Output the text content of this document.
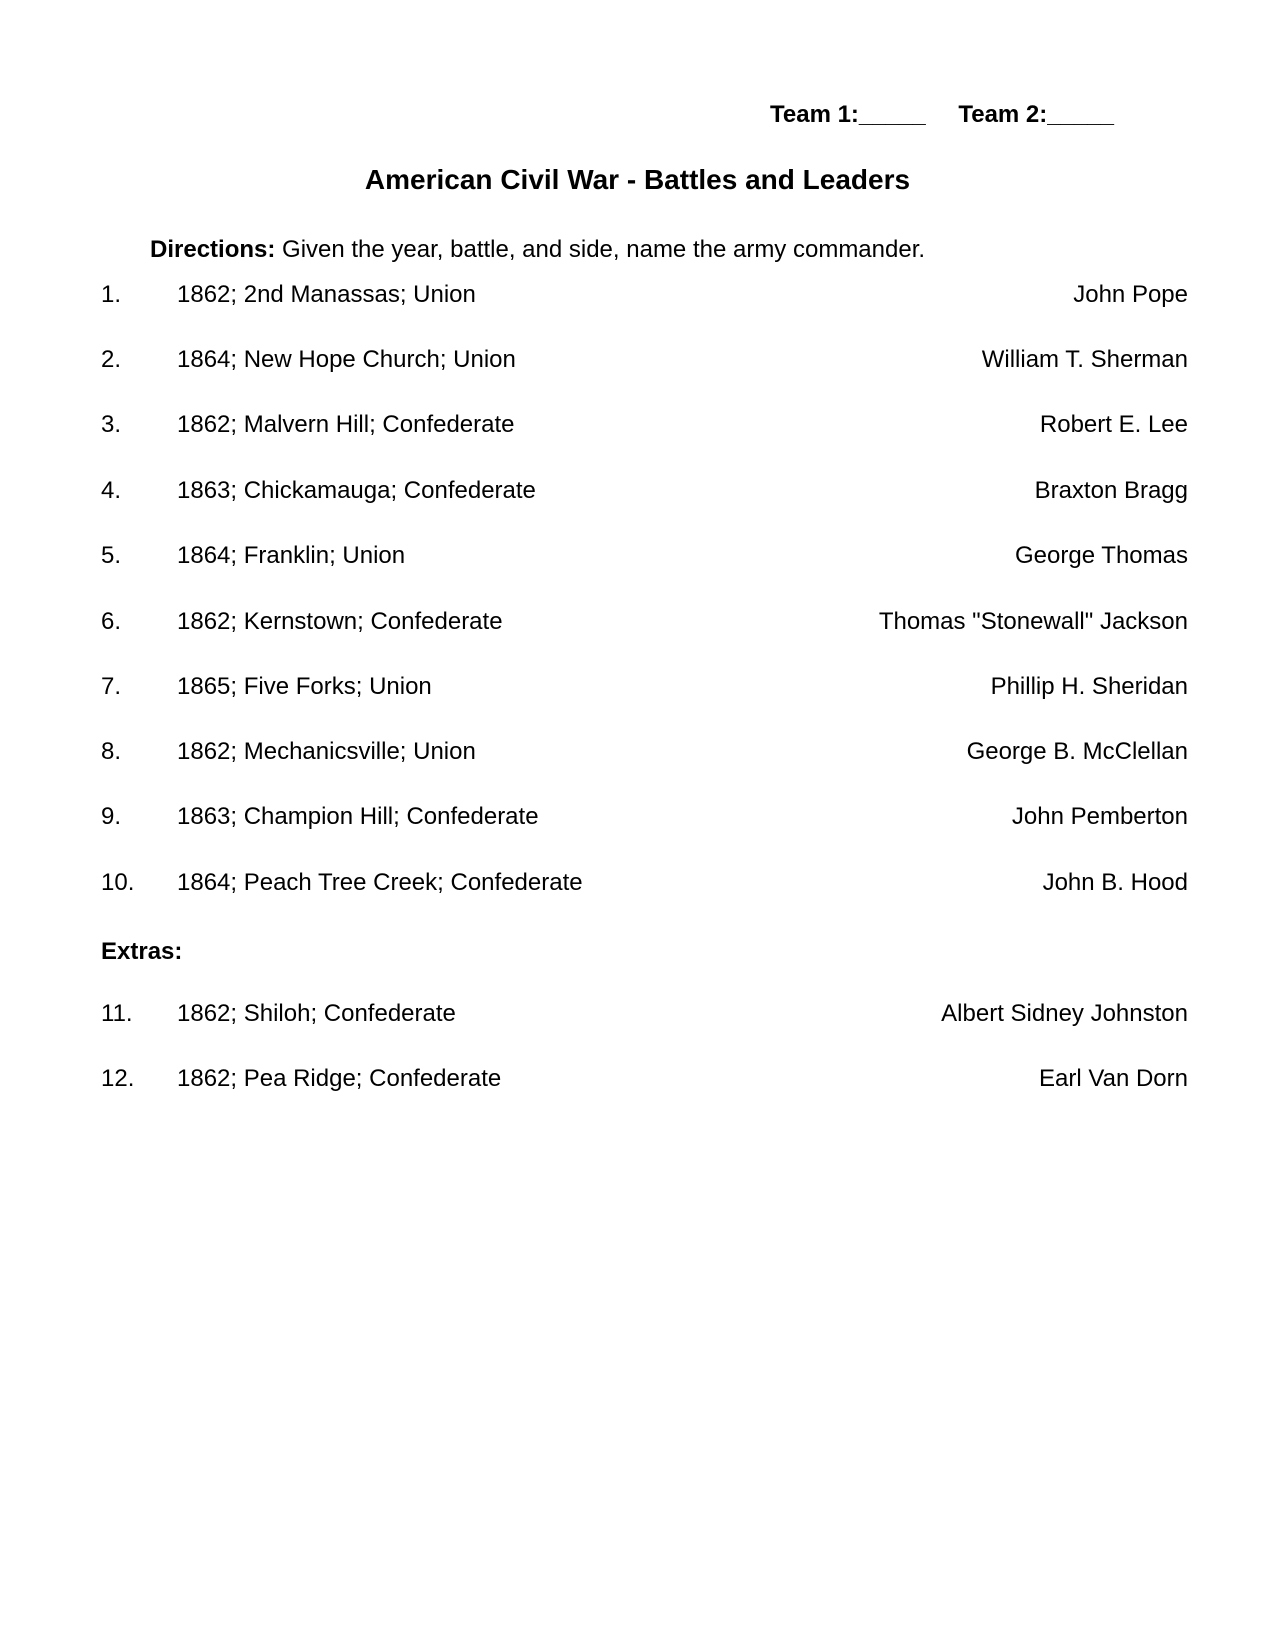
Team 1:_____ Team 2:_____
American Civil War - Battles and Leaders
Directions: Given the year, battle, and side, name the army commander.
1. 1862; 2nd Manassas; Union	John Pope
2. 1864; New Hope Church; Union	William T. Sherman
3. 1862; Malvern Hill; Confederate	Robert E. Lee
4. 1863; Chickamauga; Confederate	Braxton Bragg
5. 1864; Franklin; Union	George Thomas
6. 1862; Kernstown; Confederate	Thomas "Stonewall" Jackson
7. 1865; Five Forks; Union	Phillip H. Sheridan
8. 1862; Mechanicsville; Union	George B. McClellan
9. 1863; Champion Hill; Confederate	John Pemberton
10. 1864; Peach Tree Creek; Confederate	John B. Hood
Extras:
11. 1862; Shiloh; Confederate	Albert Sidney Johnston
12. 1862; Pea Ridge; Confederate	Earl Van Dorn
